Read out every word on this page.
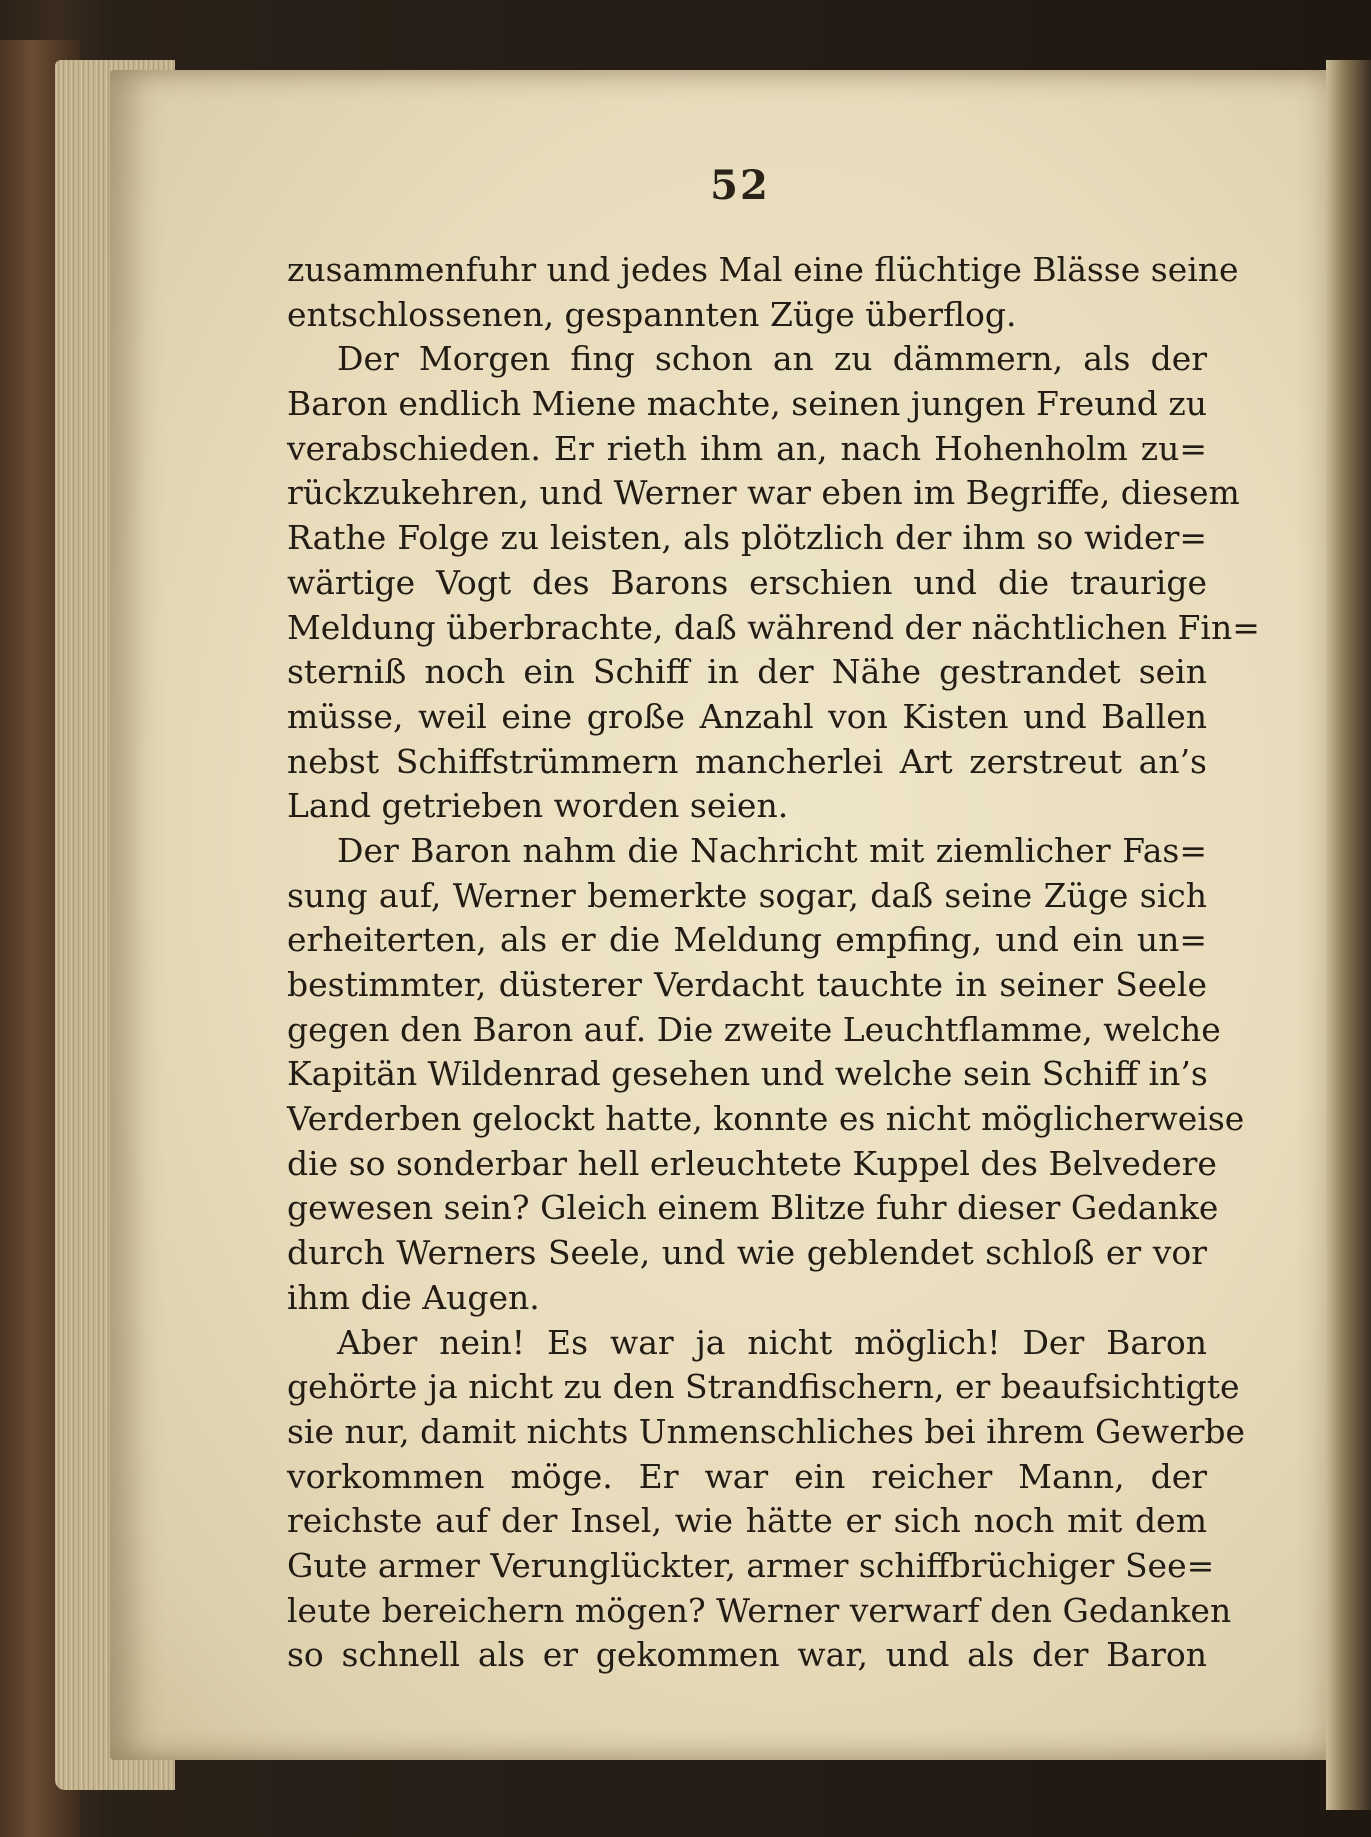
52
zusammenfuhr und jedes Mal eine flüchtige Blässe seine
entschlossenen, gespannten Züge überflog.
Der Morgen fing schon an zu dämmern, als der
Baron endlich Miene machte, seinen jungen Freund zu
verabschieden. Er rieth ihm an, nach Hohenholm zu=
rückzukehren, und Werner war eben im Begriffe, diesem
Rathe Folge zu leisten, als plötzlich der ihm so wider=
wärtige Vogt des Barons erschien und die traurige
Meldung überbrachte, daß während der nächtlichen Fin=
sterniß noch ein Schiff in der Nähe gestrandet sein
müsse, weil eine große Anzahl von Kisten und Ballen
nebst Schiffstrümmern mancherlei Art zerstreut an’s
Land getrieben worden seien.
Der Baron nahm die Nachricht mit ziemlicher Fas=
sung auf, Werner bemerkte sogar, daß seine Züge sich
erheiterten, als er die Meldung empfing, und ein un=
bestimmter, düsterer Verdacht tauchte in seiner Seele
gegen den Baron auf. Die zweite Leuchtflamme, welche
Kapitän Wildenrad gesehen und welche sein Schiff in’s
Verderben gelockt hatte, konnte es nicht möglicherweise
die so sonderbar hell erleuchtete Kuppel des Belvedere
gewesen sein? Gleich einem Blitze fuhr dieser Gedanke
durch Werners Seele, und wie geblendet schloß er vor
ihm die Augen.
Aber nein! Es war ja nicht möglich! Der Baron
gehörte ja nicht zu den Strandfischern, er beaufsichtigte
sie nur, damit nichts Unmenschliches bei ihrem Gewerbe
vorkommen möge. Er war ein reicher Mann, der
reichste auf der Insel, wie hätte er sich noch mit dem
Gute armer Verunglückter, armer schiffbrüchiger See=
leute bereichern mögen? Werner verwarf den Gedanken
so schnell als er gekommen war, und als der Baron
